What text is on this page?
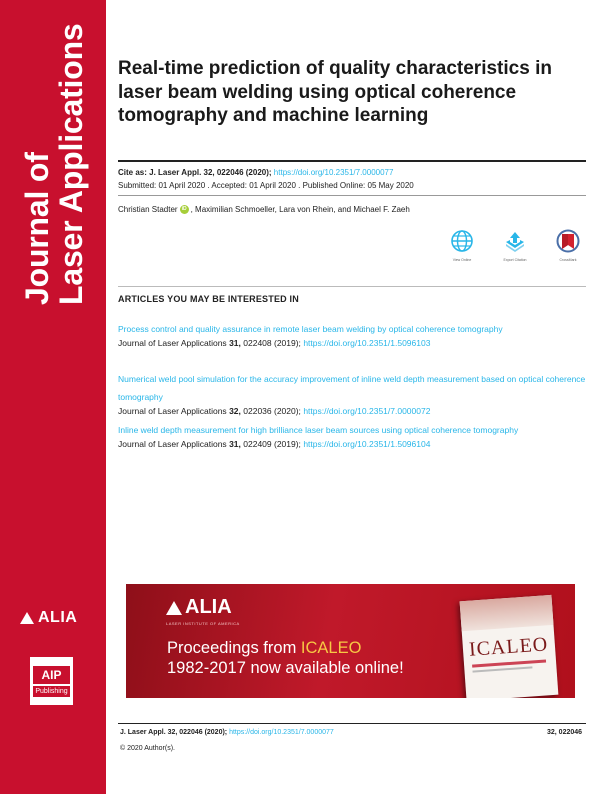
Journal of
Laser Applications
ALIA
AIP
Publishing
Real-time prediction of quality characteristics in laser beam welding using optical coherence tomography and machine learning
Cite as: J. Laser Appl. 32, 022046 (2020); https://doi.org/10.2351/7.0000077
Submitted: 01 April 2020 . Accepted: 01 April 2020 . Published Online: 05 May 2020
Christian Stadter iD , Maximilian Schmoeller, Lara von Rhein, and Michael F. Zaeh
View Online	Export Citation	CrossMark
ARTICLES YOU MAY BE INTERESTED IN
Process control and quality assurance in remote laser beam welding by optical coherence tomography
Journal of Laser Applications 31, 022408 (2019); https://doi.org/10.2351/1.5096103
Numerical weld pool simulation for the accuracy improvement of inline weld depth measurement based on optical coherence tomography
Journal of Laser Applications 32, 022036 (2020); https://doi.org/10.2351/7.0000072
Inline weld depth measurement for high brilliance laser beam sources using optical coherence tomography
Journal of Laser Applications 31, 022409 (2019); https://doi.org/10.2351/1.5096104
ALIA
LASER INSTITUTE OF AMERICA
Proceedings from ICALEO
1982-2017 now available online!
ICALEO
J. Laser Appl. 32, 022046 (2020); https://doi.org/10.2351/7.0000077	32, 022046
© 2020 Author(s).
